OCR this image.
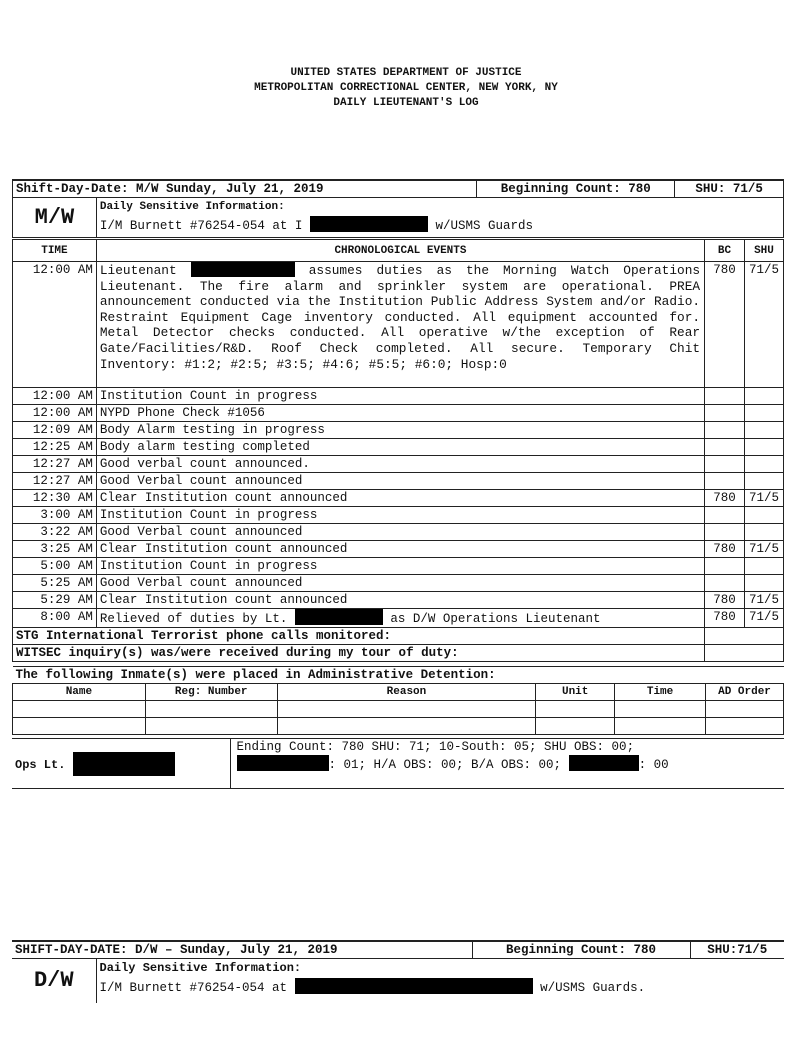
UNITED STATES DEPARTMENT OF JUSTICE
METROPOLITAN CORRECTIONAL CENTER, NEW YORK, NY
DAILY LIEUTENANT'S LOG
Shift-Day-Date: M/W Sunday, July 21, 2019	Beginning Count: 780	SHU: 71/5
M/W	Daily Sensitive Information:
I/M Burnett #76254-054 at I	w/USMS Guards
TIME	CHRONOLOGICAL EVENTS	BC	SHU
12:00 AM	Lieutenant assumes duties as the Morning Watch Operations Lieutenant. The fire alarm and sprinkler system are operational. PREA announcement conducted via the Institution Public Address System and/or Radio. Restraint Equipment Cage inventory conducted. All equipment accounted for. Metal Detector checks conducted. All operative w/the exception of Rear Gate/Facilities/R&D. Roof Check completed. All secure. Temporary Chit Inventory: #1:2; #2:5; #3:5; #4:6; #5:5; #6:0; Hosp:0	780	71/5
12:00 AM	Institution Count in progress		
12:00 AM	NYPD Phone Check #1056		
12:09 AM	Body Alarm testing in progress		
12:25 AM	Body alarm testing completed		
12:27 AM	Good verbal count announced.		
12:27 AM	Good Verbal count announced		
12:30 AM	Clear Institution count announced	780	71/5
3:00 AM	Institution Count in progress		
3:22 AM	Good Verbal count announced		
3:25 AM	Clear Institution count announced	780	71/5
5:00 AM	Institution Count in progress		
5:25 AM	Good Verbal count announced		
5:29 AM	Clear Institution count announced	780	71/5
8:00 AM	Relieved of duties by Lt. as D/W Operations Lieutenant	780	71/5
STG International Terrorist phone calls monitored:			
WITSEC inquiry(s) was/were received during my tour of duty:			
The following Inmate(s) were placed in Administrative Detention:					
Name	Reg: Number	Reason	Unit	Time	AD Order

Ops Lt.	
Ending Count: 780 SHU: 71; 10-South: 05; SHU OBS: 00;
: 01; H/A OBS: 00; B/A OBS: 00;	: 00
SHIFT-DAY-DATE: D/W – Sunday, July 21, 2019	Beginning Count: 780	SHU:71/5
D/W	Daily Sensitive Information:
I/M Burnett #76254-054 at	w/USMS Guards.
